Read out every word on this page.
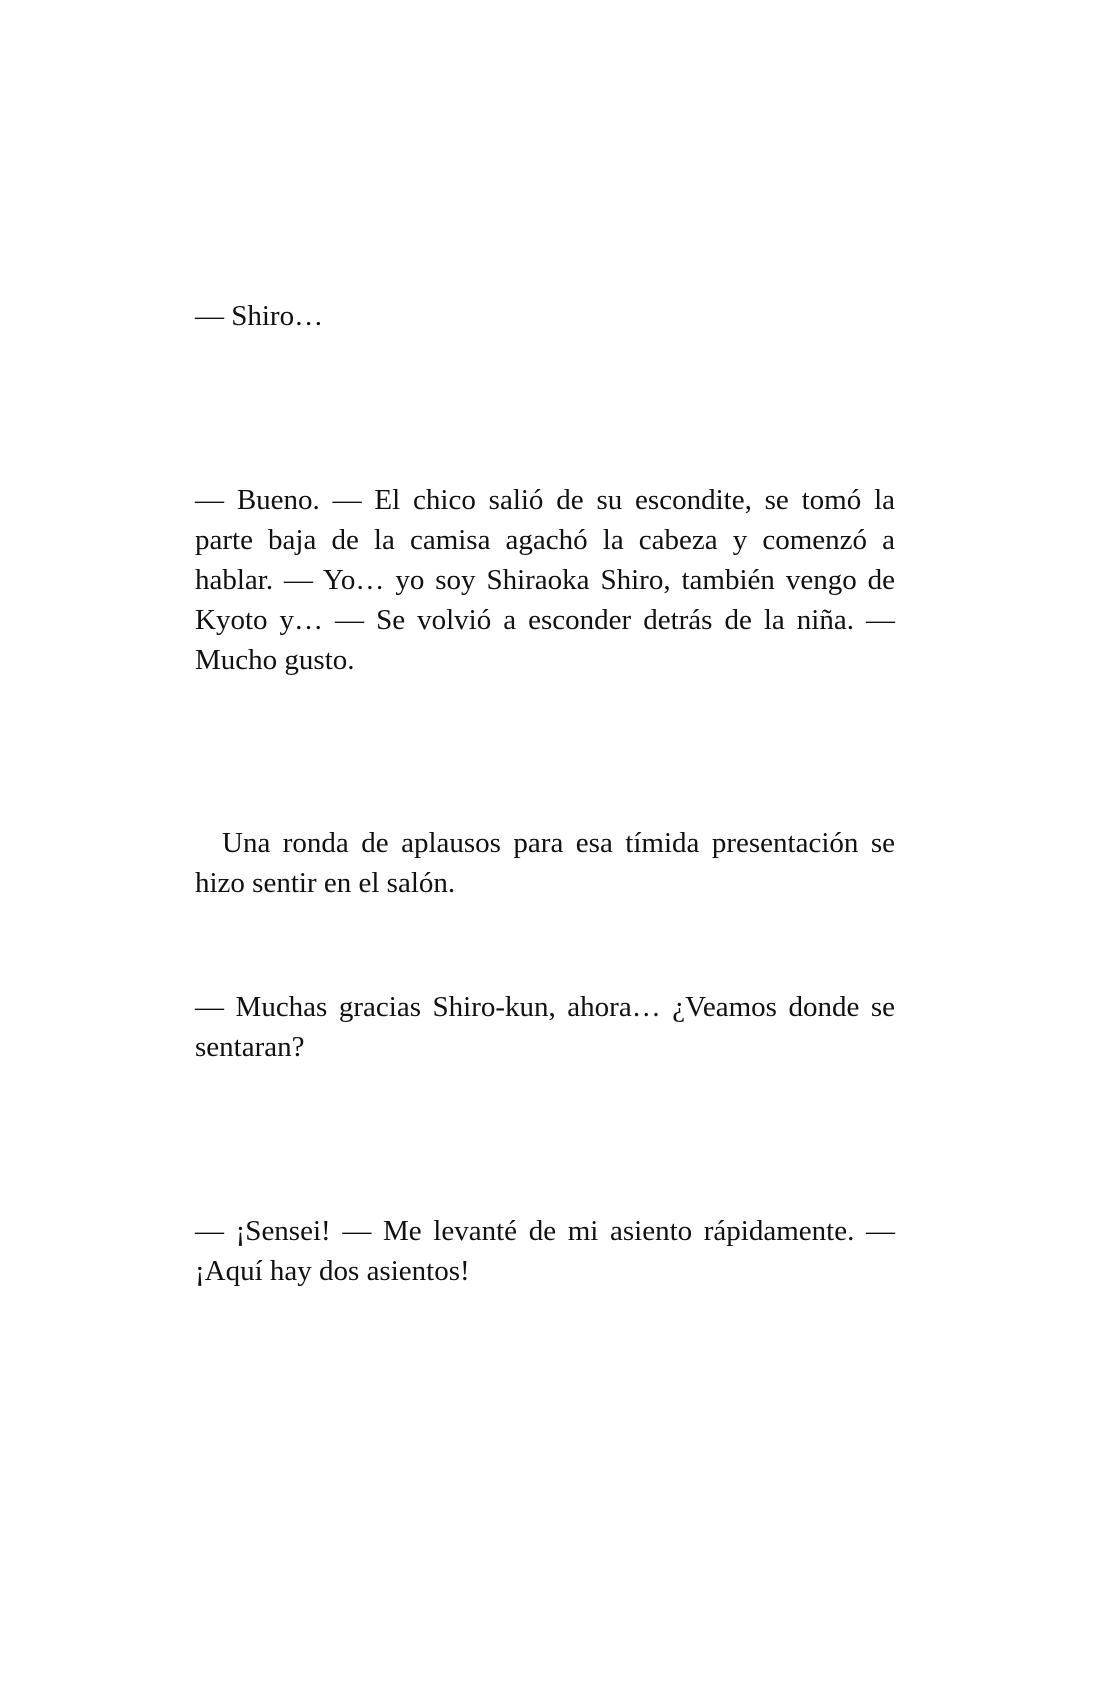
— Shiro…

— Bueno. — El chico salió de su escondite, se tomó la parte baja de la camisa agachó la cabeza y comenzó a hablar. — Yo… yo soy Shiraoka Shiro, también vengo de Kyoto y… — Se volvió a esconder detrás de la niña. — Mucho gusto.

Una ronda de aplausos para esa tímida presentación se hizo sentir en el salón.

— Muchas gracias Shiro-kun, ahora… ¿Veamos donde se sentaran?

— ¡Sensei! — Me levanté de mi asiento rápidamente. — ¡Aquí hay dos asientos!
